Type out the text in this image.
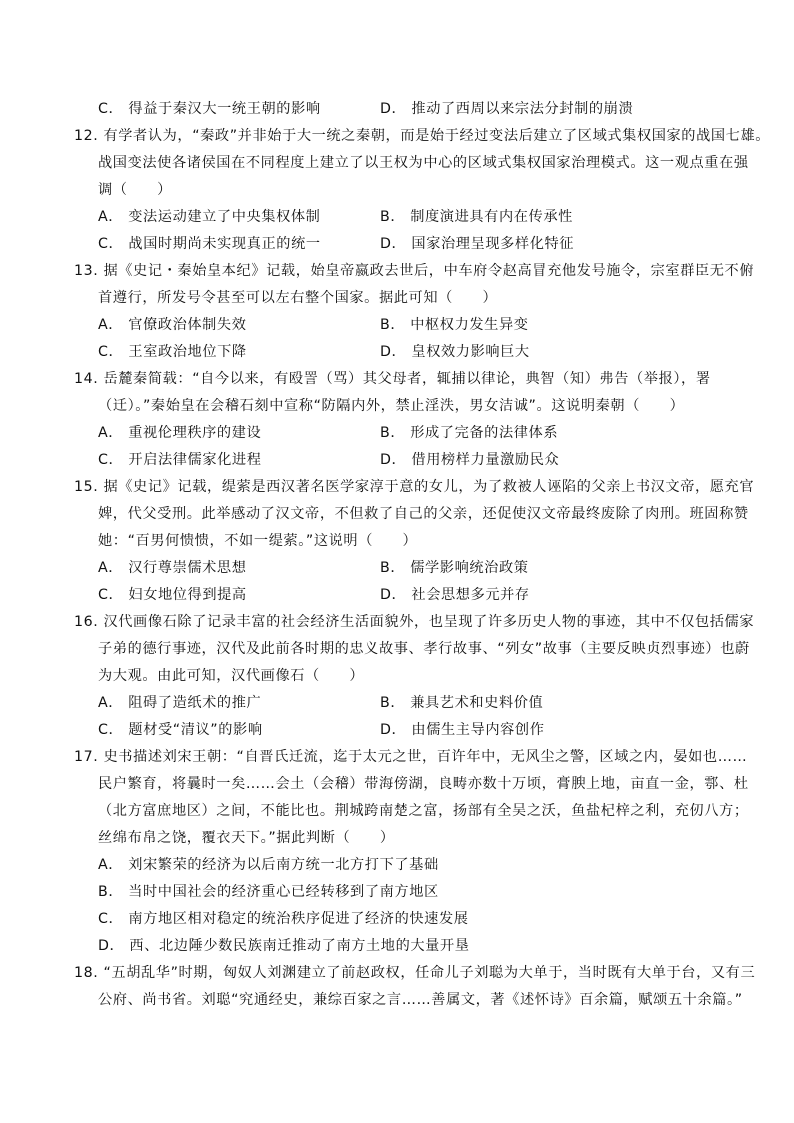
C． 得益于秦汉大一统王朝的影响	D． 推动了西周以来宗法分封制的崩溃
12. 有学者认为，“秦政”并非始于大一统之秦朝，而是始于经过变法后建立了区域式集权国家的战国七雄。
战国变法使各诸侯国在不同程度上建立了以王权为中心的区域式集权国家治理模式。这一观点重在强
调（　　）
A． 变法运动建立了中央集权体制	B． 制度演进具有内在传承性
C． 战国时期尚未实现真正的统一	D． 国家治理呈现多样化特征
13. 据《史记・秦始皇本纪》记载，始皇帝嬴政去世后，中车府令赵高冒充他发号施令，宗室群臣无不俯
首遵行，所发号令甚至可以左右整个国家。据此可知（　　）
A． 官僚政治体制失效	B． 中枢权力发生异变
C． 王室政治地位下降	D． 皇权效力影响巨大
14. 岳麓秦简载：“自今以来，有殴詈（骂）其父母者，辄捕以律论，典智（知）弗告（举报），署
（迁）。”秦始皇在会稽石刻中宣称“防隔内外，禁止淫泆，男女洁诚”。这说明秦朝（　　）
A． 重视伦理秩序的建设	B． 形成了完备的法律体系
C． 开启法律儒家化进程	D． 借用榜样力量激励民众
15. 据《史记》记载，缇萦是西汉著名医学家淳于意的女儿，为了救被人诬陷的父亲上书汉文帝，愿充官
婢，代父受刑。此举感动了汉文帝，不但救了自己的父亲，还促使汉文帝最终废除了肉刑。班固称赞
她：“百男何愦愦，不如一缇萦。”这说明（　　）
A． 汉行尊崇儒术思想	B． 儒学影响统治政策
C． 妇女地位得到提高	D． 社会思想多元并存
16. 汉代画像石除了记录丰富的社会经济生活面貌外，也呈现了许多历史人物的事迹，其中不仅包括儒家
子弟的德行事迹，汉代及此前各时期的忠义故事、孝行故事、“列女”故事（主要反映贞烈事迹）也蔚
为大观。由此可知，汉代画像石（　　）
A． 阻碍了造纸术的推广	B． 兼具艺术和史料价值
C． 题材受“清议”的影响	D． 由儒生主导内容创作
17. 史书描述刘宋王朝：“自晋氏迁流，迄于太元之世，百许年中，无风尘之警，区域之内，晏如也……
民户繁育，将曩时一矣……会土（会稽）带海傍湖，良畴亦数十万顷，膏腴上地，亩直一金，鄠、杜
（北方富庶地区）之间，不能比也。荆城跨南楚之富，扬部有全吴之沃，鱼盐杞梓之利，充仞八方；
丝绵布帛之饶，覆衣天下。”据此判断（　　）
A． 刘宋繁荣的经济为以后南方统一北方打下了基础
B． 当时中国社会的经济重心已经转移到了南方地区
C． 南方地区相对稳定的统治秩序促进了经济的快速发展
D． 西、北边陲少数民族南迁推动了南方土地的大量开垦
18. “五胡乱华”时期，匈奴人刘渊建立了前赵政权，任命儿子刘聪为大单于，当时既有大单于台，又有三
公府、尚书省。刘聪“究通经史，兼综百家之言……善属文，著《述怀诗》百余篇，赋颂五十余篇。”
